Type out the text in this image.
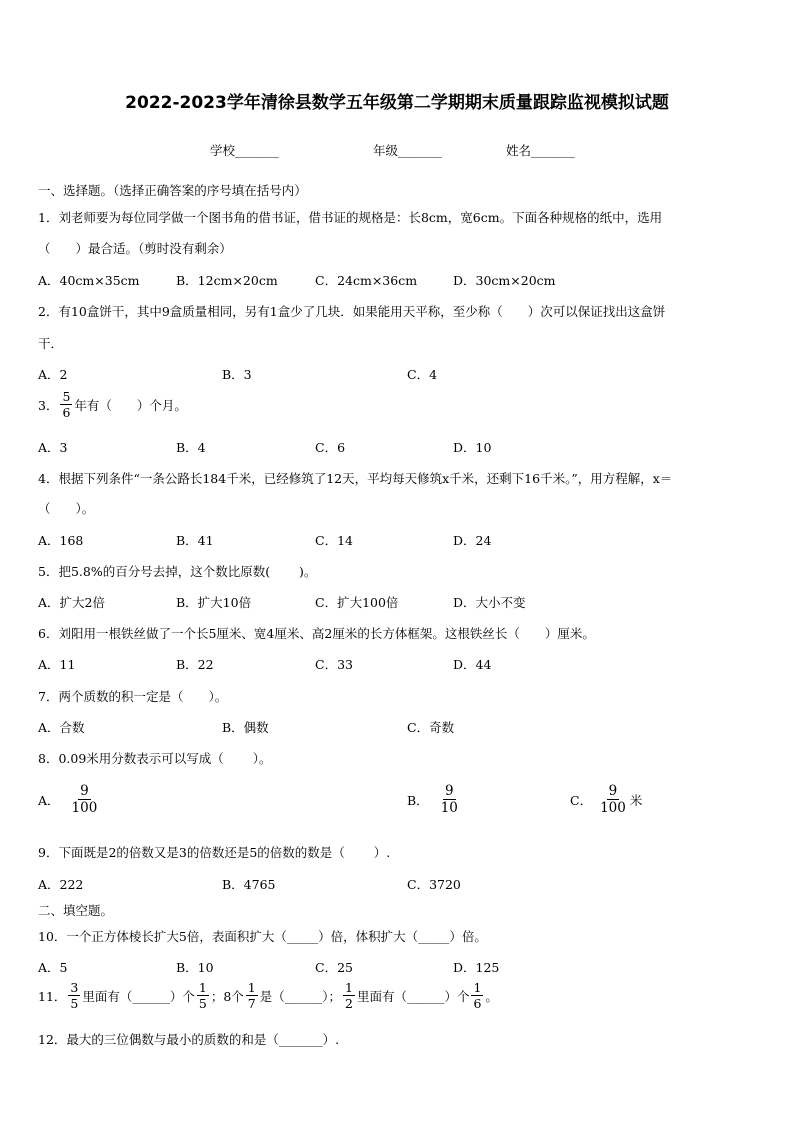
2022-2023学年清徐县数学五年级第二学期期末质量跟踪监视模拟试题
学校_______	年级_______	姓名_______
一、选择题。（选择正确答案的序号填在括号内）
1．刘老师要为每位同学做一个图书角的借书证，借书证的规格是：长8cm，宽6cm。下面各种规格的纸中，选用
（　　）最合适。（剪时没有剩余）
A．40cm×35cm	B．12cm×20cm	C．24cm×36cm	D．30cm×20cm
2．有10盒饼干，其中9盒质量相同，另有1盒少了几块．如果能用天平称，至少称（　　）次可以保证找出这盒饼
干．
A．2	B．3	C．4
3． $\frac{5}{6}$ 年有（　　）个月。
A．3	B．4	C．6	D．10
4．根据下列条件“一条公路长184千米，已经修筑了12天，平均每天修筑x千米，还剩下16千米。”，用方程解，x＝
（　　）。
A．168	B．41	C．14	D．24
5．把5.8%的百分号去掉，这个数比原数(　　 )。
A．扩大2倍	B．扩大10倍	C．扩大100倍	D．大小不变
6．刘阳用一根铁丝做了一个长5厘米、宽4厘米、高2厘米的长方体框架。这根铁丝长（　　）厘米。
A．11	B．22	C．33	D．44
7．两个质数的积一定是（　　）。
A．合数	B．偶数	C．奇数
8．0.09米用分数表示可以写成（　　 ）。
A． $\frac{9}{100}$	B． $\frac{9}{10}$	C． $\frac{9}{100}$ 米
9．下面既是2的倍数又是3的倍数还是5的倍数的数是（　　 ）.
A．222	B．4765	C．3720
二、填空题。
10．一个正方体棱长扩大5倍，表面积扩大（_____）倍，体积扩大（_____）倍。
A．5	B．10	C．25	D．125
11． $\frac{3}{5}$ 里面有（______）个 $\frac{1}{5}$ ；8个 $\frac{1}{7}$ 是（______）； $\frac{1}{2}$ 里面有（______）个 $\frac{1}{6}$ 。
12．最大的三位偶数与最小的质数的和是（_______）.
